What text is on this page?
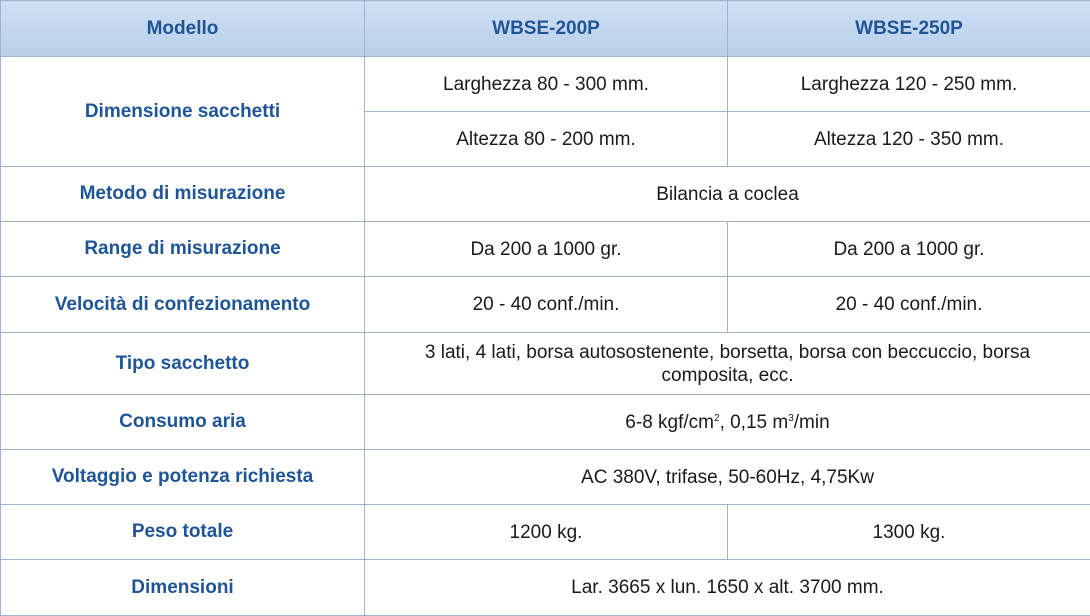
Modello	WBSE-200P	WBSE-250P
Dimensione sacchetti	Larghezza 80 - 300 mm.	Larghezza 120 - 250 mm.
	Altezza 80 - 200 mm.	Altezza 120 - 350 mm.
Metodo di misurazione	Bilancia a coclea	
Range di misurazione	Da 200 a 1000 gr.	Da 200 a 1000 gr.
Velocità di confezionamento	20 - 40 conf./min.	20 - 40 conf./min.
Tipo sacchetto	3 lati, 4 lati, borsa autosostenente, borsetta, borsa con beccuccio, borsa composita, ecc.	
Consumo aria	6-8 kgf/$cm^2$, 0,15 $m^3/\min$	
Voltaggio e potenza richiesta	AC 380V, trifase, 50-60Hz, 4,75Kw	
Peso totale	1200 kg.	1300 kg.
Dimensioni	Lar. 3665 x lun. 1650 x alt. 3700 mm.	
